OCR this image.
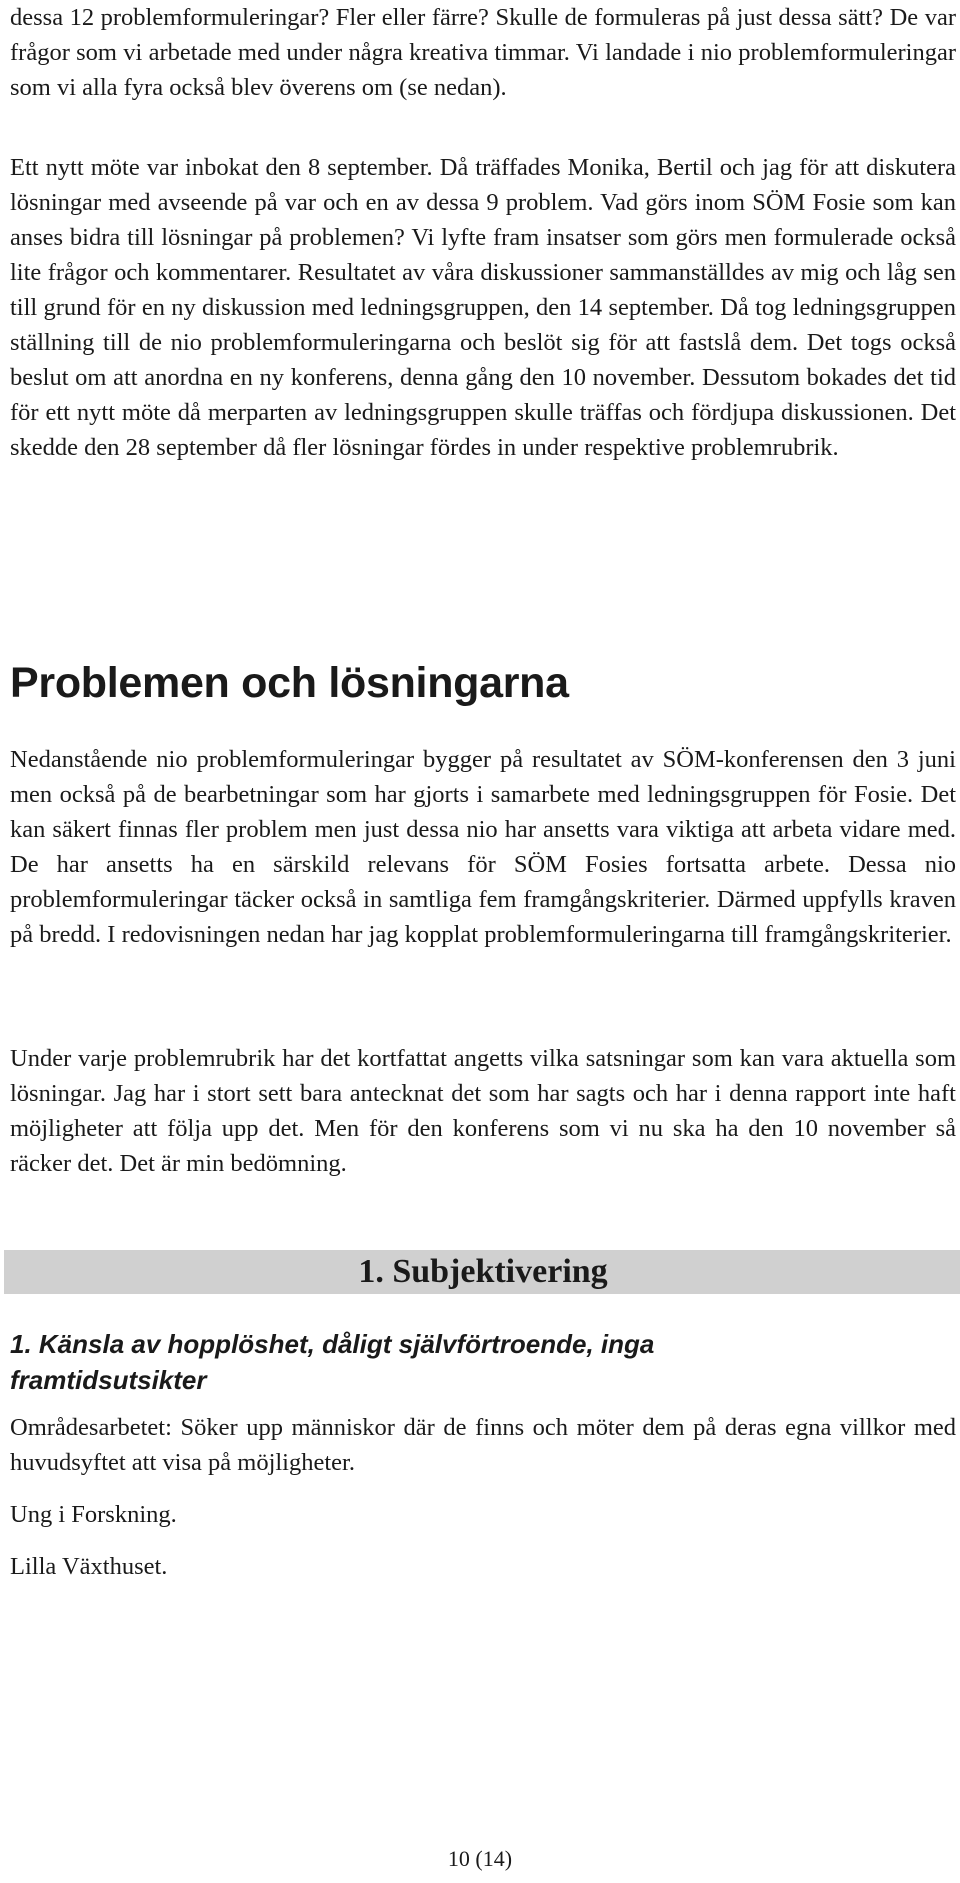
dessa 12 problemformuleringar? Fler eller färre? Skulle de formuleras på just dessa sätt? De var frågor som vi arbetade med under några kreativa timmar. Vi landade i nio problemformuleringar som vi alla fyra också blev överens om (se nedan).

Ett nytt möte var inbokat den 8 september. Då träffades Monika, Bertil och jag för att diskutera lösningar med avseende på var och en av dessa 9 problem. Vad görs inom SÖM Fosie som kan anses bidra till lösningar på problemen? Vi lyfte fram insatser som görs men formulerade också lite frågor och kommentarer. Resultatet av våra diskussioner sammanställdes av mig och låg sen till grund för en ny diskussion med ledningsgruppen, den 14 september. Då tog ledningsgruppen ställning till de nio problemformuleringarna och beslöt sig för att fastslå dem. Det togs också beslut om att anordna en ny konferens, denna gång den 10 november. Dessutom bokades det tid för ett nytt möte då merparten av ledningsgruppen skulle träffas och fördjupa diskussionen. Det skedde den 28 september då fler lösningar fördes in under respektive problemrubrik.

Problemen och lösningarna

Nedanstående nio problemformuleringar bygger på resultatet av SÖM-konferensen den 3 juni men också på de bearbetningar som har gjorts i samarbete med ledningsgruppen för Fosie. Det kan säkert finnas fler problem men just dessa nio har ansetts vara viktiga att arbeta vidare med. De har ansetts ha en särskild relevans för SÖM Fosies fortsatta arbete. Dessa nio problemformuleringar täcker också in samtliga fem framgångskriterier. Därmed uppfylls kraven på bredd. I redovisningen nedan har jag kopplat problemformuleringarna till framgångskriterier.

Under varje problemrubrik har det kortfattat angetts vilka satsningar som kan vara aktuella som lösningar. Jag har i stort sett bara antecknat det som har sagts och har i denna rapport inte haft möjligheter att följa upp det. Men för den konferens som vi nu ska ha den 10 november så räcker det. Det är min bedömning.

1. Subjektivering
1. Känsla av hopplöshet, dåligt självförtroende, inga framtidsutsikter

Områdesarbetet: Söker upp människor där de finns och möter dem på deras egna villkor med huvudsyftet att visa på möjligheter.

Ung i Forskning.

Lilla Växthuset.

10 (14)
